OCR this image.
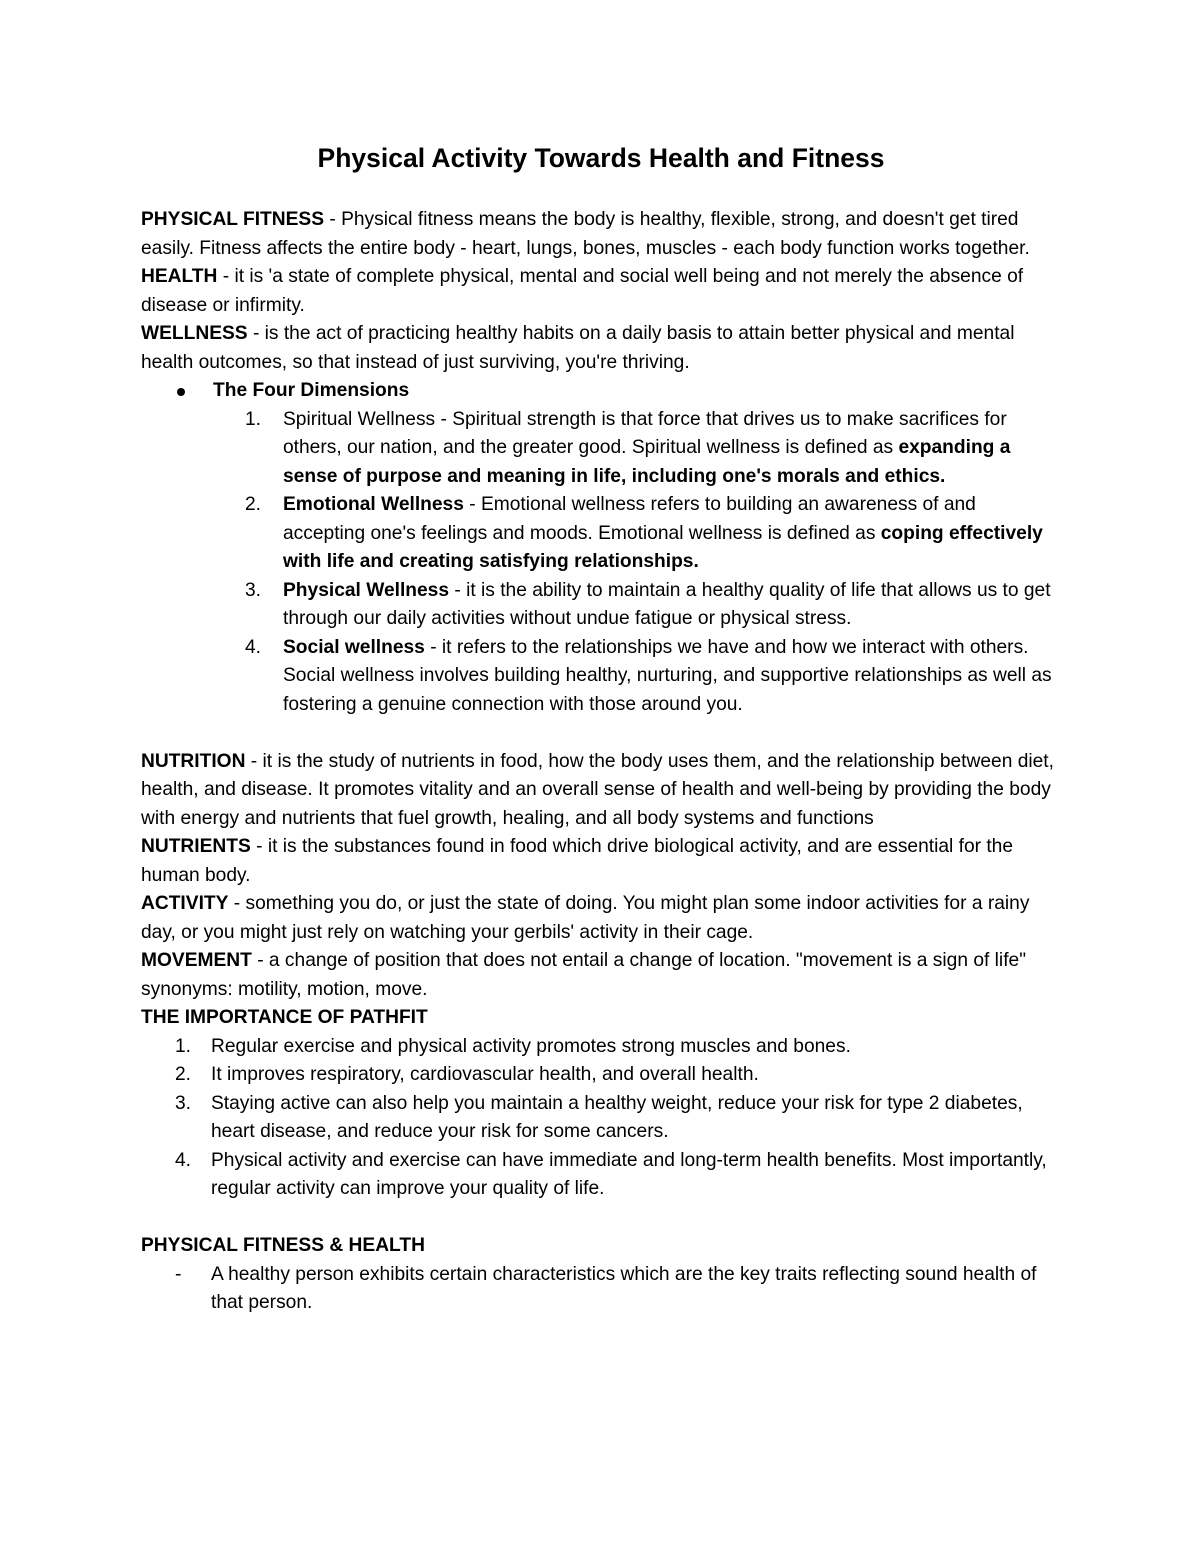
Physical Activity Towards Health and Fitness

PHYSICAL FITNESS - Physical fitness means the body is healthy, flexible, strong, and doesn't get tired easily. Fitness affects the entire body - heart, lungs, bones, muscles - each body function works together.

HEALTH - it is 'a state of complete physical, mental and social well being and not merely the absence of disease or infirmity.

WELLNESS - is the act of practicing healthy habits on a daily basis to attain better physical and mental health outcomes, so that instead of just surviving, you're thriving.

The Four Dimensions
1. Spiritual Wellness - Spiritual strength is that force that drives us to make sacrifices for others, our nation, and the greater good. Spiritual wellness is defined as expanding a sense of purpose and meaning in life, including one's morals and ethics.
2. Emotional Wellness - Emotional wellness refers to building an awareness of and accepting one's feelings and moods. Emotional wellness is defined as coping effectively with life and creating satisfying relationships.
3. Physical Wellness - it is the ability to maintain a healthy quality of life that allows us to get through our daily activities without undue fatigue or physical stress.
4. Social wellness - it refers to the relationships we have and how we interact with others. Social wellness involves building healthy, nurturing, and supportive relationships as well as fostering a genuine connection with those around you.

NUTRITION - it is the study of nutrients in food, how the body uses them, and the relationship between diet, health, and disease. It promotes vitality and an overall sense of health and well-being by providing the body with energy and nutrients that fuel growth, healing, and all body systems and functions

NUTRIENTS - it is the substances found in food which drive biological activity, and are essential for the human body.

ACTIVITY - something you do, or just the state of doing. You might plan some indoor activities for a rainy day, or you might just rely on watching your gerbils' activity in their cage.

MOVEMENT - a change of position that does not entail a change of location. "movement is a sign of life" synonyms: motility, motion, move.

THE IMPORTANCE OF PATHFIT

1. Regular exercise and physical activity promotes strong muscles and bones.
2. It improves respiratory, cardiovascular health, and overall health.
3. Staying active can also help you maintain a healthy weight, reduce your risk for type 2 diabetes, heart disease, and reduce your risk for some cancers.
4. Physical activity and exercise can have immediate and long-term health benefits. Most importantly, regular activity can improve your quality of life.

PHYSICAL FITNESS & HEALTH

- A healthy person exhibits certain characteristics which are the key traits reflecting sound health of that person.
